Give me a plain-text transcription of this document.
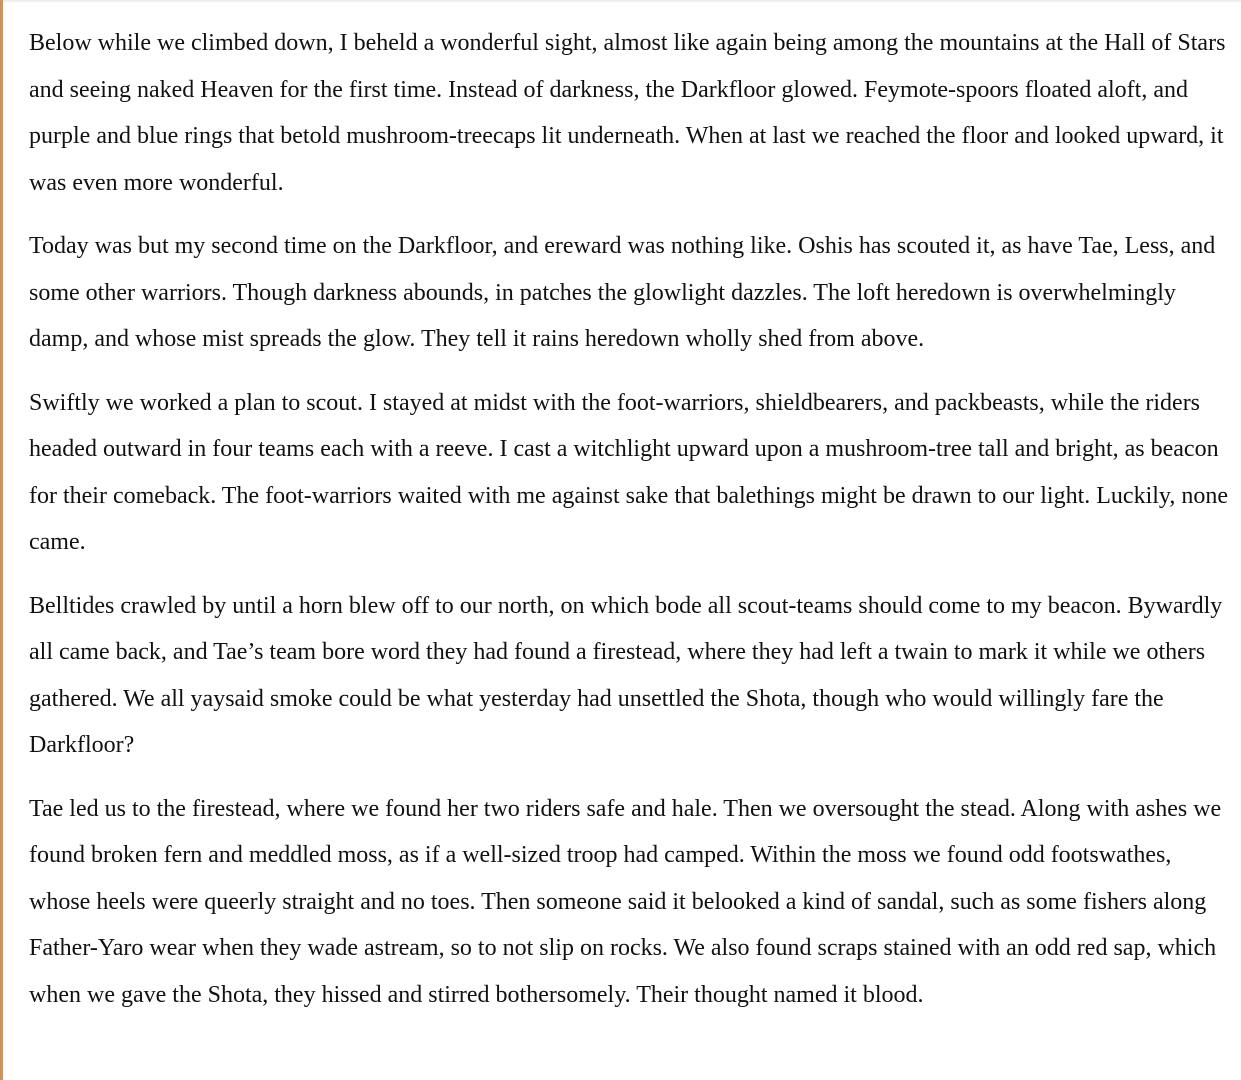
Below while we climbed down, I beheld a wonderful sight, almost like again being among the mountains at the Hall of Stars and seeing naked Heaven for the first time. Instead of darkness, the Darkfloor glowed. Feymote-spoors floated aloft, and purple and blue rings that betold mushroom-treecaps lit underneath. When at last we reached the floor and looked upward, it was even more wonderful.

Today was but my second time on the Darkfloor, and ereward was nothing like. Oshis has scouted it, as have Tae, Less, and some other warriors. Though darkness abounds, in patches the glowlight dazzles. The loft heredown is overwhelmingly damp, and whose mist spreads the glow. They tell it rains heredown wholly shed from above.

Swiftly we worked a plan to scout. I stayed at midst with the foot-warriors, shieldbearers, and packbeasts, while the riders headed outward in four teams each with a reeve. I cast a witchlight upward upon a mushroom-tree tall and bright, as beacon for their comeback. The foot-warriors waited with me against sake that balethings might be drawn to our light. Luckily, none came.

Belltides crawled by until a horn blew off to our north, on which bode all scout-teams should come to my beacon. Bywardly all came back, and Tae’s team bore word they had found a firestead, where they had left a twain to mark it while we others gathered. We all yaysaid smoke could be what yesterday had unsettled the Shota, though who would willingly fare the Darkfloor?

Tae led us to the firestead, where we found her two riders safe and hale. Then we oversought the stead. Along with ashes we found broken fern and meddled moss, as if a well-sized troop had camped. Within the moss we found odd footswathes, whose heels were queerly straight and no toes. Then someone said it belooked a kind of sandal, such as some fishers along Father-Yaro wear when they wade astream, so to not slip on rocks. We also found scraps stained with an odd red sap, which when we gave the Shota, they hissed and stirred bothersomely. Their thought named it blood.
